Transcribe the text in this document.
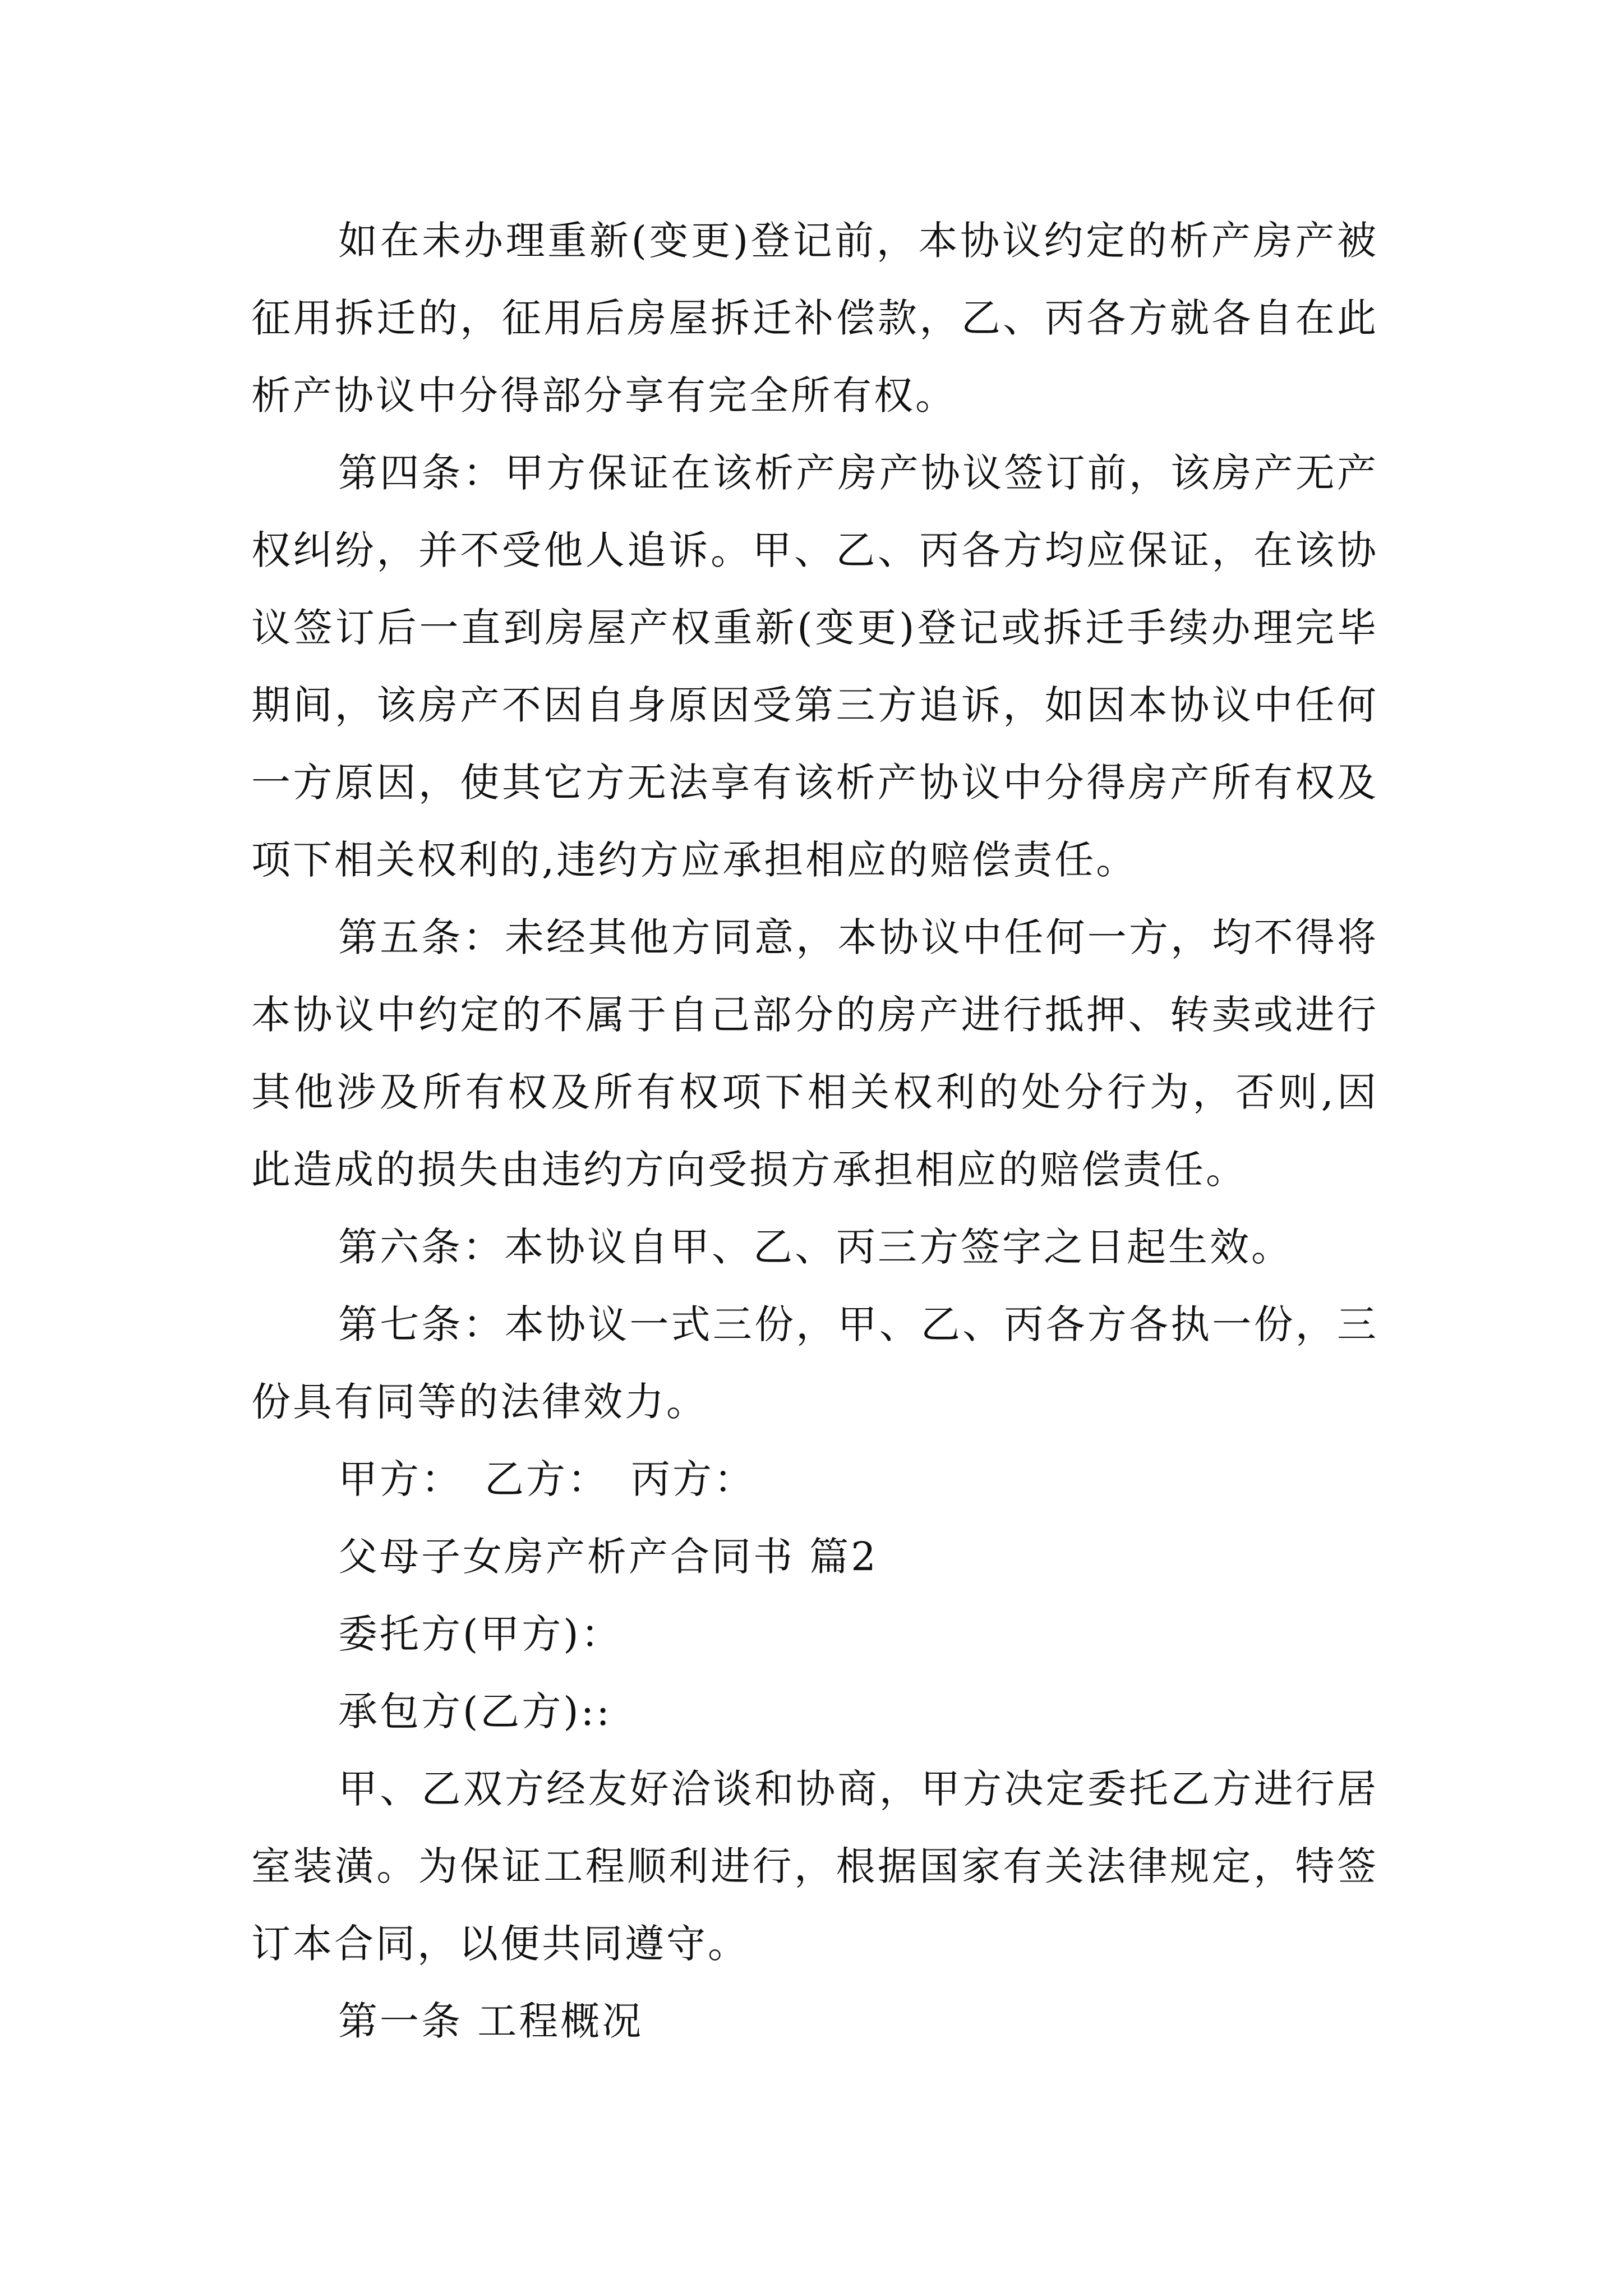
如在未办理重新(变更)登记前，本协议约定的析产房产被征用拆迁的，征用后房屋拆迁补偿款，乙、丙各方就各自在此析产协议中分得部分享有完全所有权。

第四条：甲方保证在该析产房产协议签订前，该房产无产权纠纷，并不受他人追诉。甲、乙、丙各方均应保证，在该协议签订后一直到房屋产权重新(变更)登记或拆迁手续办理完毕期间，该房产不因自身原因受第三方追诉，如因本协议中任何一方原因，使其它方无法享有该析产协议中分得房产所有权及项下相关权利的,违约方应承担相应的赔偿责任。

第五条：未经其他方同意，本协议中任何一方，均不得将本协议中约定的不属于自己部分的房产进行抵押、转卖或进行其他涉及所有权及所有权项下相关权利的处分行为，否则,因此造成的损失由违约方向受损方承担相应的赔偿责任。

第六条：本协议自甲、乙、丙三方签字之日起生效。

第七条：本协议一式三份，甲、乙、丙各方各执一份，三份具有同等的法律效力。

甲方：　乙方：　丙方：

父母子女房产析产合同书 篇2

委托方(甲方)：

承包方(乙方)::

甲、乙双方经友好洽谈和协商，甲方决定委托乙方进行居室装潢。为保证工程顺利进行，根据国家有关法律规定，特签订本合同，以便共同遵守。

第一条 工程概况
